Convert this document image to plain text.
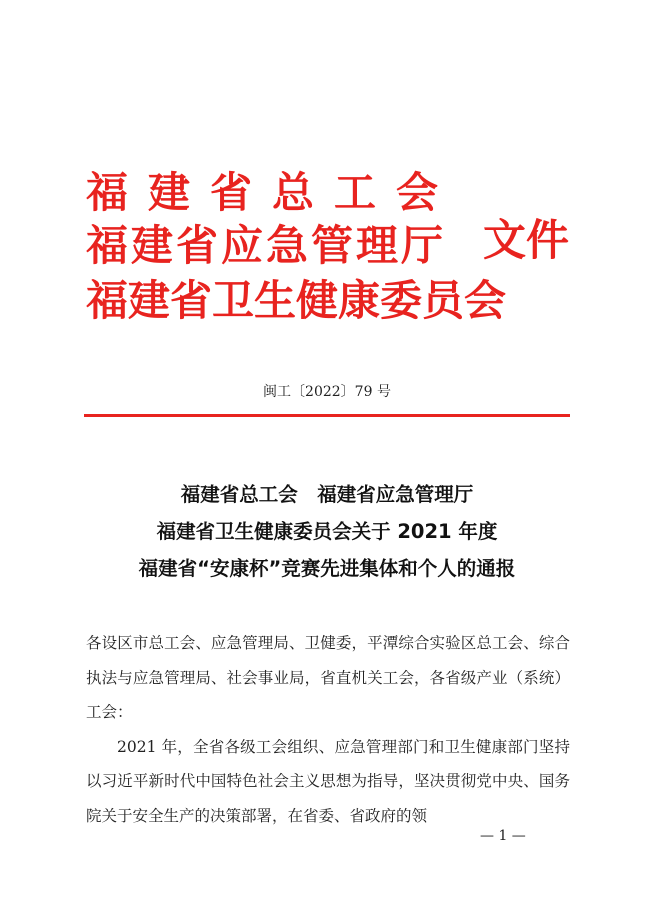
福建省总工会
福建省应急管理厅
福建省卫生健康委员会
文件
闽工〔2022〕79 号
福建省总工会　福建省应急管理厅
福建省卫生健康委员会关于 2021 年度
福建省“安康杯”竞赛先进集体和个人的通报

各设区市总工会、应急管理局、卫健委，平潭综合实验区总工会、综合执法与应急管理局、社会事业局，省直机关工会，各省级产业（系统）工会：

2021 年，全省各级工会组织、应急管理部门和卫生健康部门坚持以习近平新时代中国特色社会主义思想为指导，坚决贯彻党中央、国务院关于安全生产的决策部署，在省委、省政府的领

— 1 —
